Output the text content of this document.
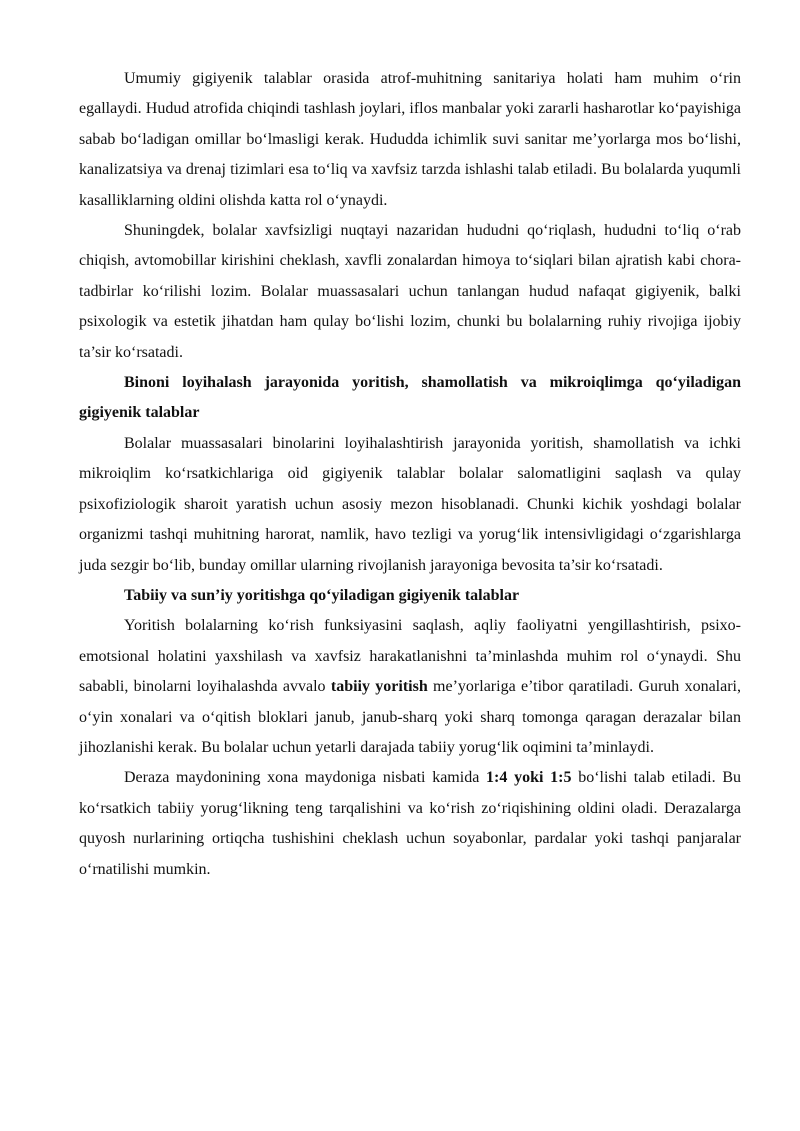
Umumiy gigiyenik talablar orasida atrof-muhitning sanitariya holati ham muhim o‘rin egallaydi. Hudud atrofida chiqindi tashlash joylari, iflos manbalar yoki zararli hasharotlar ko‘payishiga sabab bo‘ladigan omillar bo‘lmasligi kerak. Hududda ichimlik suvi sanitar me’yorlarga mos bo‘lishi, kanalizatsiya va drenaj tizimlari esa to‘liq va xavfsiz tarzda ishlashi talab etiladi. Bu bolalarda yuqumli kasalliklarning oldini olishda katta rol o‘ynaydi.

Shuningdek, bolalar xavfsizligi nuqtayi nazaridan hududni qo‘riqlash, hududni to‘liq o‘rab chiqish, avtomobillar kirishini cheklash, xavfli zonalardan himoya to‘siqlari bilan ajratish kabi chora-tadbirlar ko‘rilishi lozim. Bolalar muassasalari uchun tanlangan hudud nafaqat gigiyenik, balki psixologik va estetik jihatdan ham qulay bo‘lishi lozim, chunki bu bolalarning ruhiy rivojiga ijobiy ta’sir ko‘rsatadi.

Binoni loyihalash jarayonida yoritish, shamollatish va mikroiqlimga qo‘yiladigan gigiyenik talablar

Bolalar muassasalari binolarini loyihalashtirish jarayonida yoritish, shamollatish va ichki mikroiqlim ko‘rsatkichlariga oid gigiyenik talablar bolalar salomatligini saqlash va qulay psixofiziologik sharoit yaratish uchun asosiy mezon hisoblanadi. Chunki kichik yoshdagi bolalar organizmi tashqi muhitning harorat, namlik, havo tezligi va yorug‘lik intensivligidagi o‘zgarishlarga juda sezgir bo‘lib, bunday omillar ularning rivojlanish jarayoniga bevosita ta’sir ko‘rsatadi.

Tabiiy va sun’iy yoritishga qo‘yiladigan gigiyenik talablar

Yoritish bolalarning ko‘rish funksiyasini saqlash, aqliy faoliyatni yengillashtirish, psixo-emotsional holatini yaxshilash va xavfsiz harakatlanishni ta’minlashda muhim rol o‘ynaydi. Shu sababli, binolarni loyihalashda avvalo tabiiy yoritish me’yorlariga e’tibor qaratiladi. Guruh xonalari, o‘yin xonalari va o‘qitish bloklari janub, janub-sharq yoki sharq tomonga qaragan derazalar bilan jihozlanishi kerak. Bu bolalar uchun yetarli darajada tabiiy yorug‘lik oqimini ta’minlaydi.

Deraza maydonining xona maydoniga nisbati kamida 1:4 yoki 1:5 bo‘lishi talab etiladi. Bu ko‘rsatkich tabiiy yorug‘likning teng tarqalishini va ko‘rish zo‘riqishining oldini oladi. Derazalarga quyosh nurlarining ortiqcha tushishini cheklash uchun soyabonlar, pardalar yoki tashqi panjaralar o‘rnatilishi mumkin.
